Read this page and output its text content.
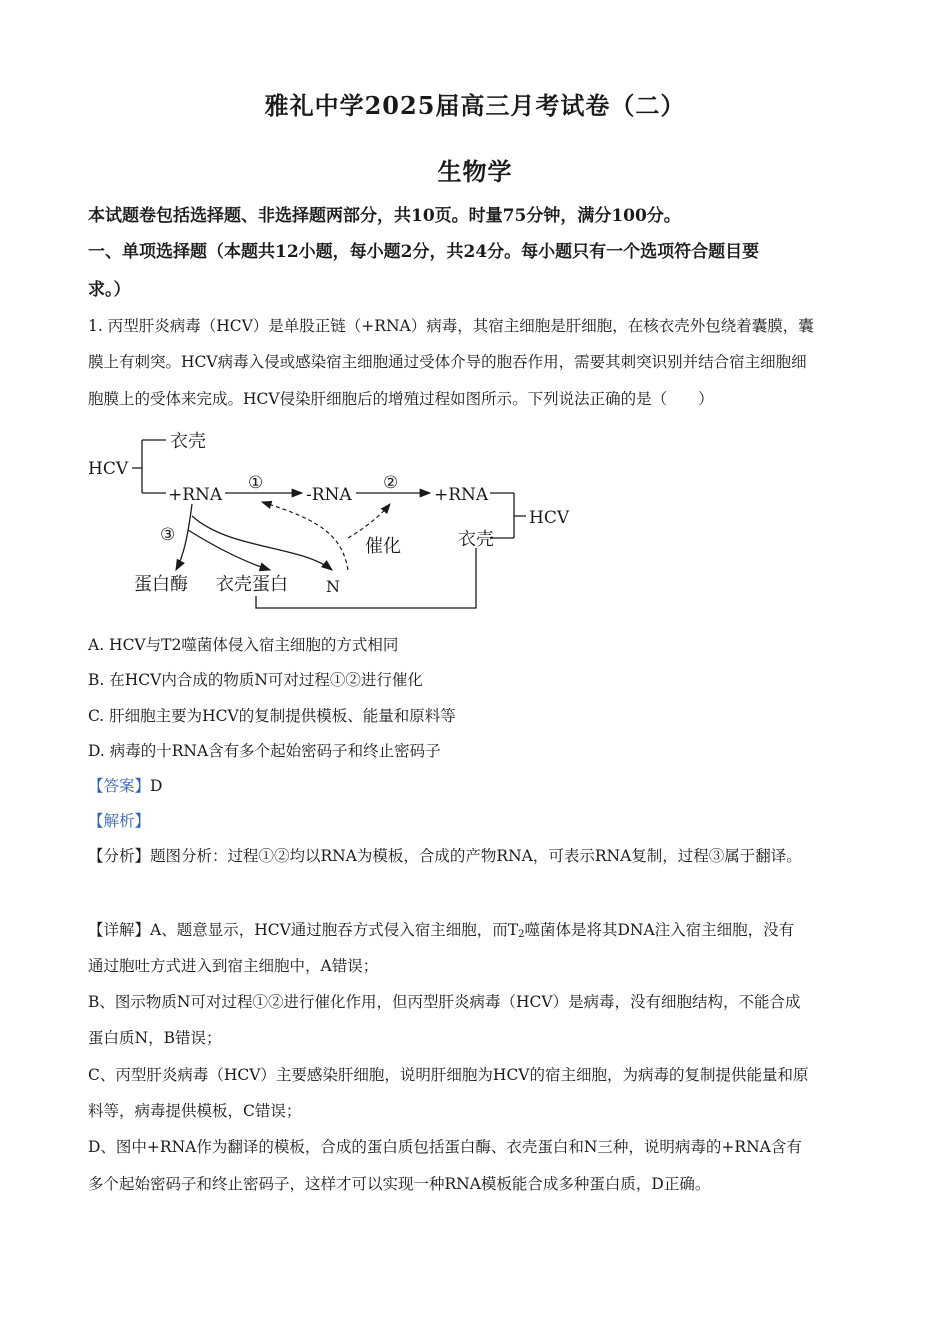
雅礼中学2025届高三月考试卷（二）
生物学
本试题卷包括选择题、非选择题两部分，共10页。时量75分钟，满分100分。
一、单项选择题（本题共12小题，每小题2分，共24分。每小题只有一个选项符合题目要
求。）
1. 丙型肝炎病毒（HCV）是单股正链（+RNA）病毒，其宿主细胞是肝细胞，在核衣壳外包绕着囊膜，囊
膜上有刺突。HCV病毒入侵或感染宿主细胞通过受体介导的胞吞作用，需要其刺突识别并结合宿主细胞细
胞膜上的受体来完成。HCV侵染肝细胞后的增殖过程如图所示。下列说法正确的是（　　）
HCV
衣壳
+RNA
①
-RNA
②
+RNA
HCV
衣壳
③
催化
蛋白酶 衣壳蛋白 N
A. HCV与T2噬菌体侵入宿主细胞的方式相同
B. 在HCV内合成的物质N可对过程①②进行催化
C. 肝细胞主要为HCV的复制提供模板、能量和原料等
D. 病毒的十RNA含有多个起始密码子和终止密码子
【答案】D
【解析】
【分析】题图分析：过程①②均以RNA为模板，合成的产物RNA，可表示RNA复制，过程③属于翻译。
【详解】A、题意显示，HCV通过胞吞方式侵入宿主细胞，而$T_2$噬菌体是将其DNA注入宿主细胞，没有
通过胞吐方式进入到宿主细胞中，A错误；
B、图示物质N可对过程①②进行催化作用，但丙型肝炎病毒（HCV）是病毒，没有细胞结构，不能合成
蛋白质N，B错误；
C、丙型肝炎病毒（HCV）主要感染肝细胞，说明肝细胞为HCV的宿主细胞，为病毒的复制提供能量和原
料等，病毒提供模板，C错误；
D、图中+RNA作为翻译的模板，合成的蛋白质包括蛋白酶、衣壳蛋白和N三种，说明病毒的+RNA含有
多个起始密码子和终止密码子，这样才可以实现一种RNA模板能合成多种蛋白质，D正确。
